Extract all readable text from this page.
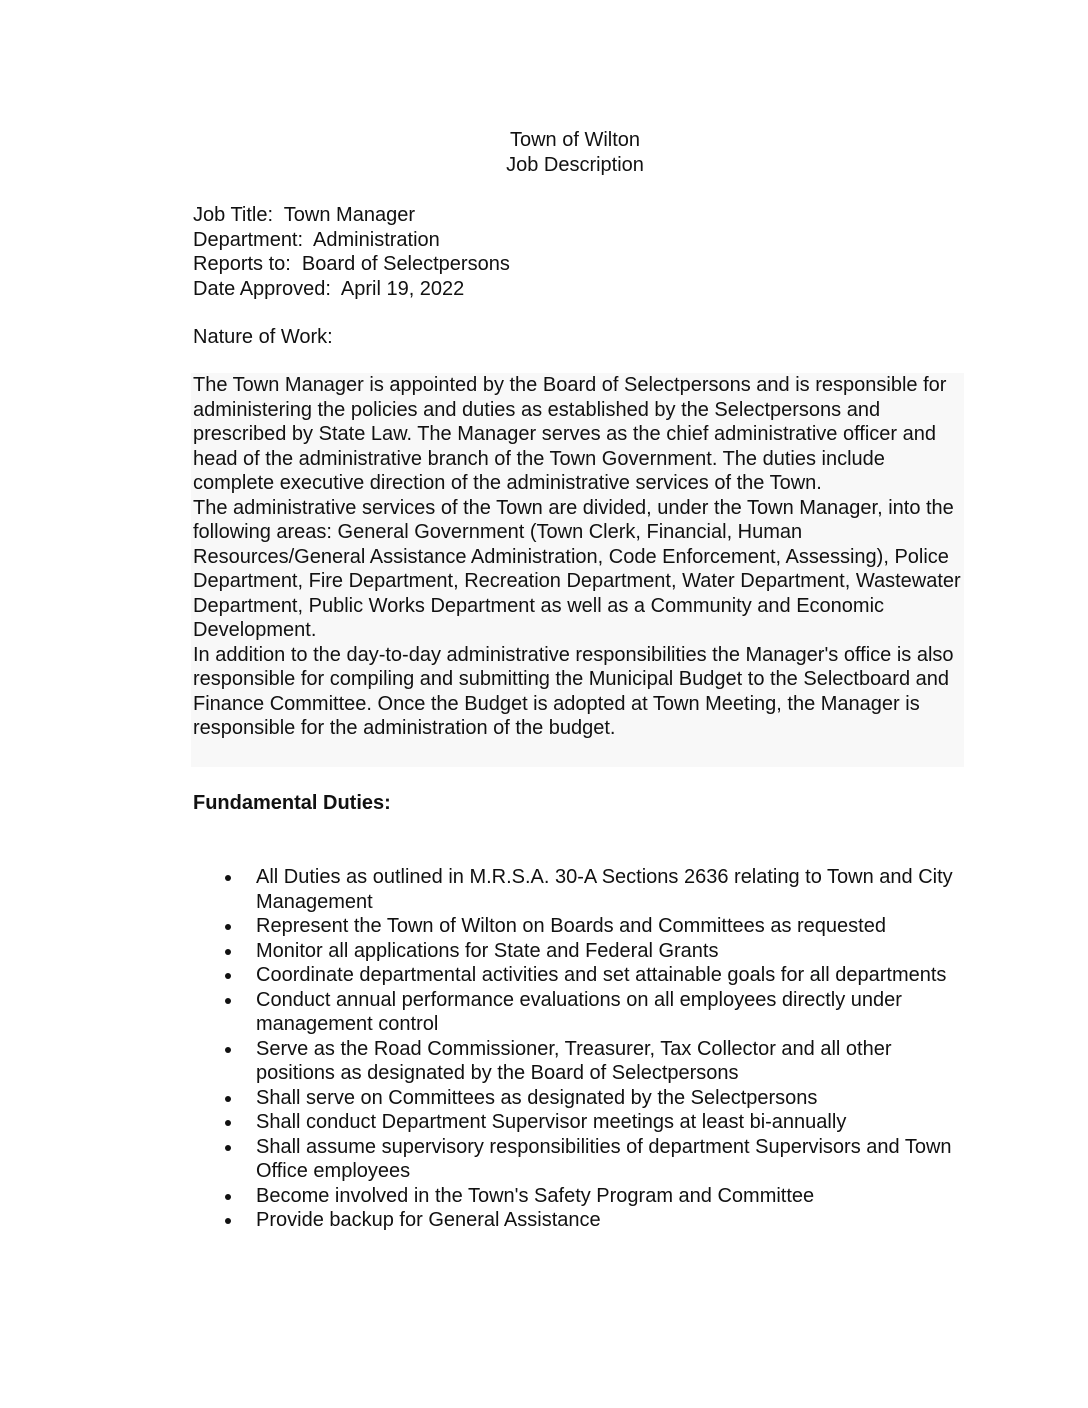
Town of Wilton
Job Description
Job Title:  Town Manager
Department:  Administration
Reports to:  Board of Selectpersons
Date Approved:  April 19, 2022
Nature of Work:

The Town Manager is appointed by the Board of Selectpersons and is responsible for administering the policies and duties as established by the Selectpersons and prescribed by State Law. The Manager serves as the chief administrative officer and head of the administrative branch of the Town Government. The duties include complete executive direction of the administrative services of the Town.

The administrative services of the Town are divided, under the Town Manager, into the following areas: General Government (Town Clerk, Financial, Human Resources/General Assistance Administration, Code Enforcement, Assessing), Police Department, Fire Department, Recreation Department, Water Department, Wastewater Department, Public Works Department as well as a Community and Economic Development.

In addition to the day-to-day administrative responsibilities the Manager's office is also responsible for compiling and submitting the Municipal Budget to the Selectboard and Finance Committee. Once the Budget is adopted at Town Meeting, the Manager is responsible for the administration of the budget.

Fundamental Duties:
All Duties as outlined in M.R.S.A. 30-A Sections 2636 relating to Town and City Management
Represent the Town of Wilton on Boards and Committees as requested
Monitor all applications for State and Federal Grants
Coordinate departmental activities and set attainable goals for all departments
Conduct annual performance evaluations on all employees directly under management control
Serve as the Road Commissioner, Treasurer, Tax Collector and all other positions as designated by the Board of Selectpersons
Shall serve on Committees as designated by the Selectpersons
Shall conduct Department Supervisor meetings at least bi-annually
Shall assume supervisory responsibilities of department Supervisors and Town Office employees
Become involved in the Town's Safety Program and Committee
Provide backup for General Assistance
